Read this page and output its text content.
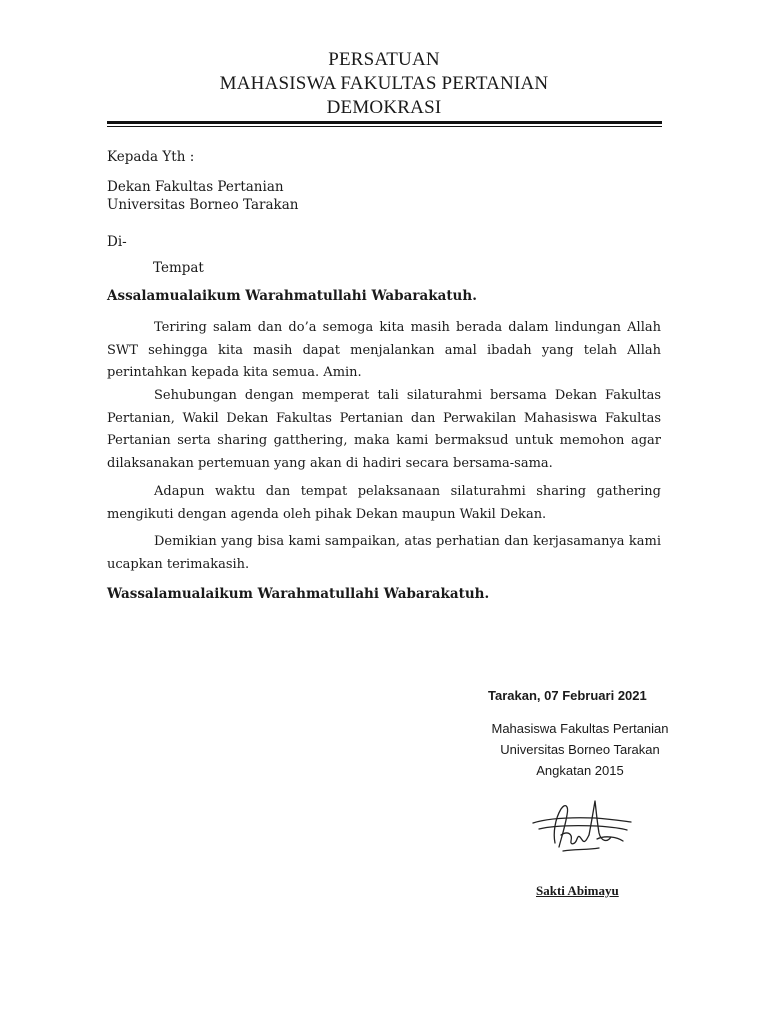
PERSATUAN
MAHASISWA FAKULTAS PERTANIAN
DEMOKRASI
Kepada Yth :
Dekan Fakultas Pertanian
Universitas Borneo Tarakan
Di-
Tempat
Assalamualaikum Warahmatullahi Wabarakatuh.
Teriring salam dan do’a semoga kita masih berada dalam lindungan Allah SWT sehingga kita masih dapat menjalankan amal ibadah yang telah Allah perintahkan kepada kita semua. Amin.
Sehubungan dengan memperat tali silaturahmi bersama Dekan Fakultas Pertanian, Wakil Dekan Fakultas Pertanian dan Perwakilan Mahasiswa Fakultas Pertanian serta sharing gatthering, maka kami bermaksud untuk memohon agar dilaksanakan pertemuan yang akan di hadiri secara bersama-sama.
Adapun waktu dan tempat pelaksanaan silaturahmi sharing gathering mengikuti dengan agenda oleh pihak Dekan maupun Wakil Dekan.
Demikian yang bisa kami sampaikan, atas perhatian dan kerjasamanya kami ucapkan terimakasih.
Wassalamualaikum Warahmatullahi Wabarakatuh.
Tarakan, 07 Februari 2021
Mahasiswa Fakultas Pertanian
Universitas Borneo Tarakan
Angkatan 2015
Sakti Abimayu
